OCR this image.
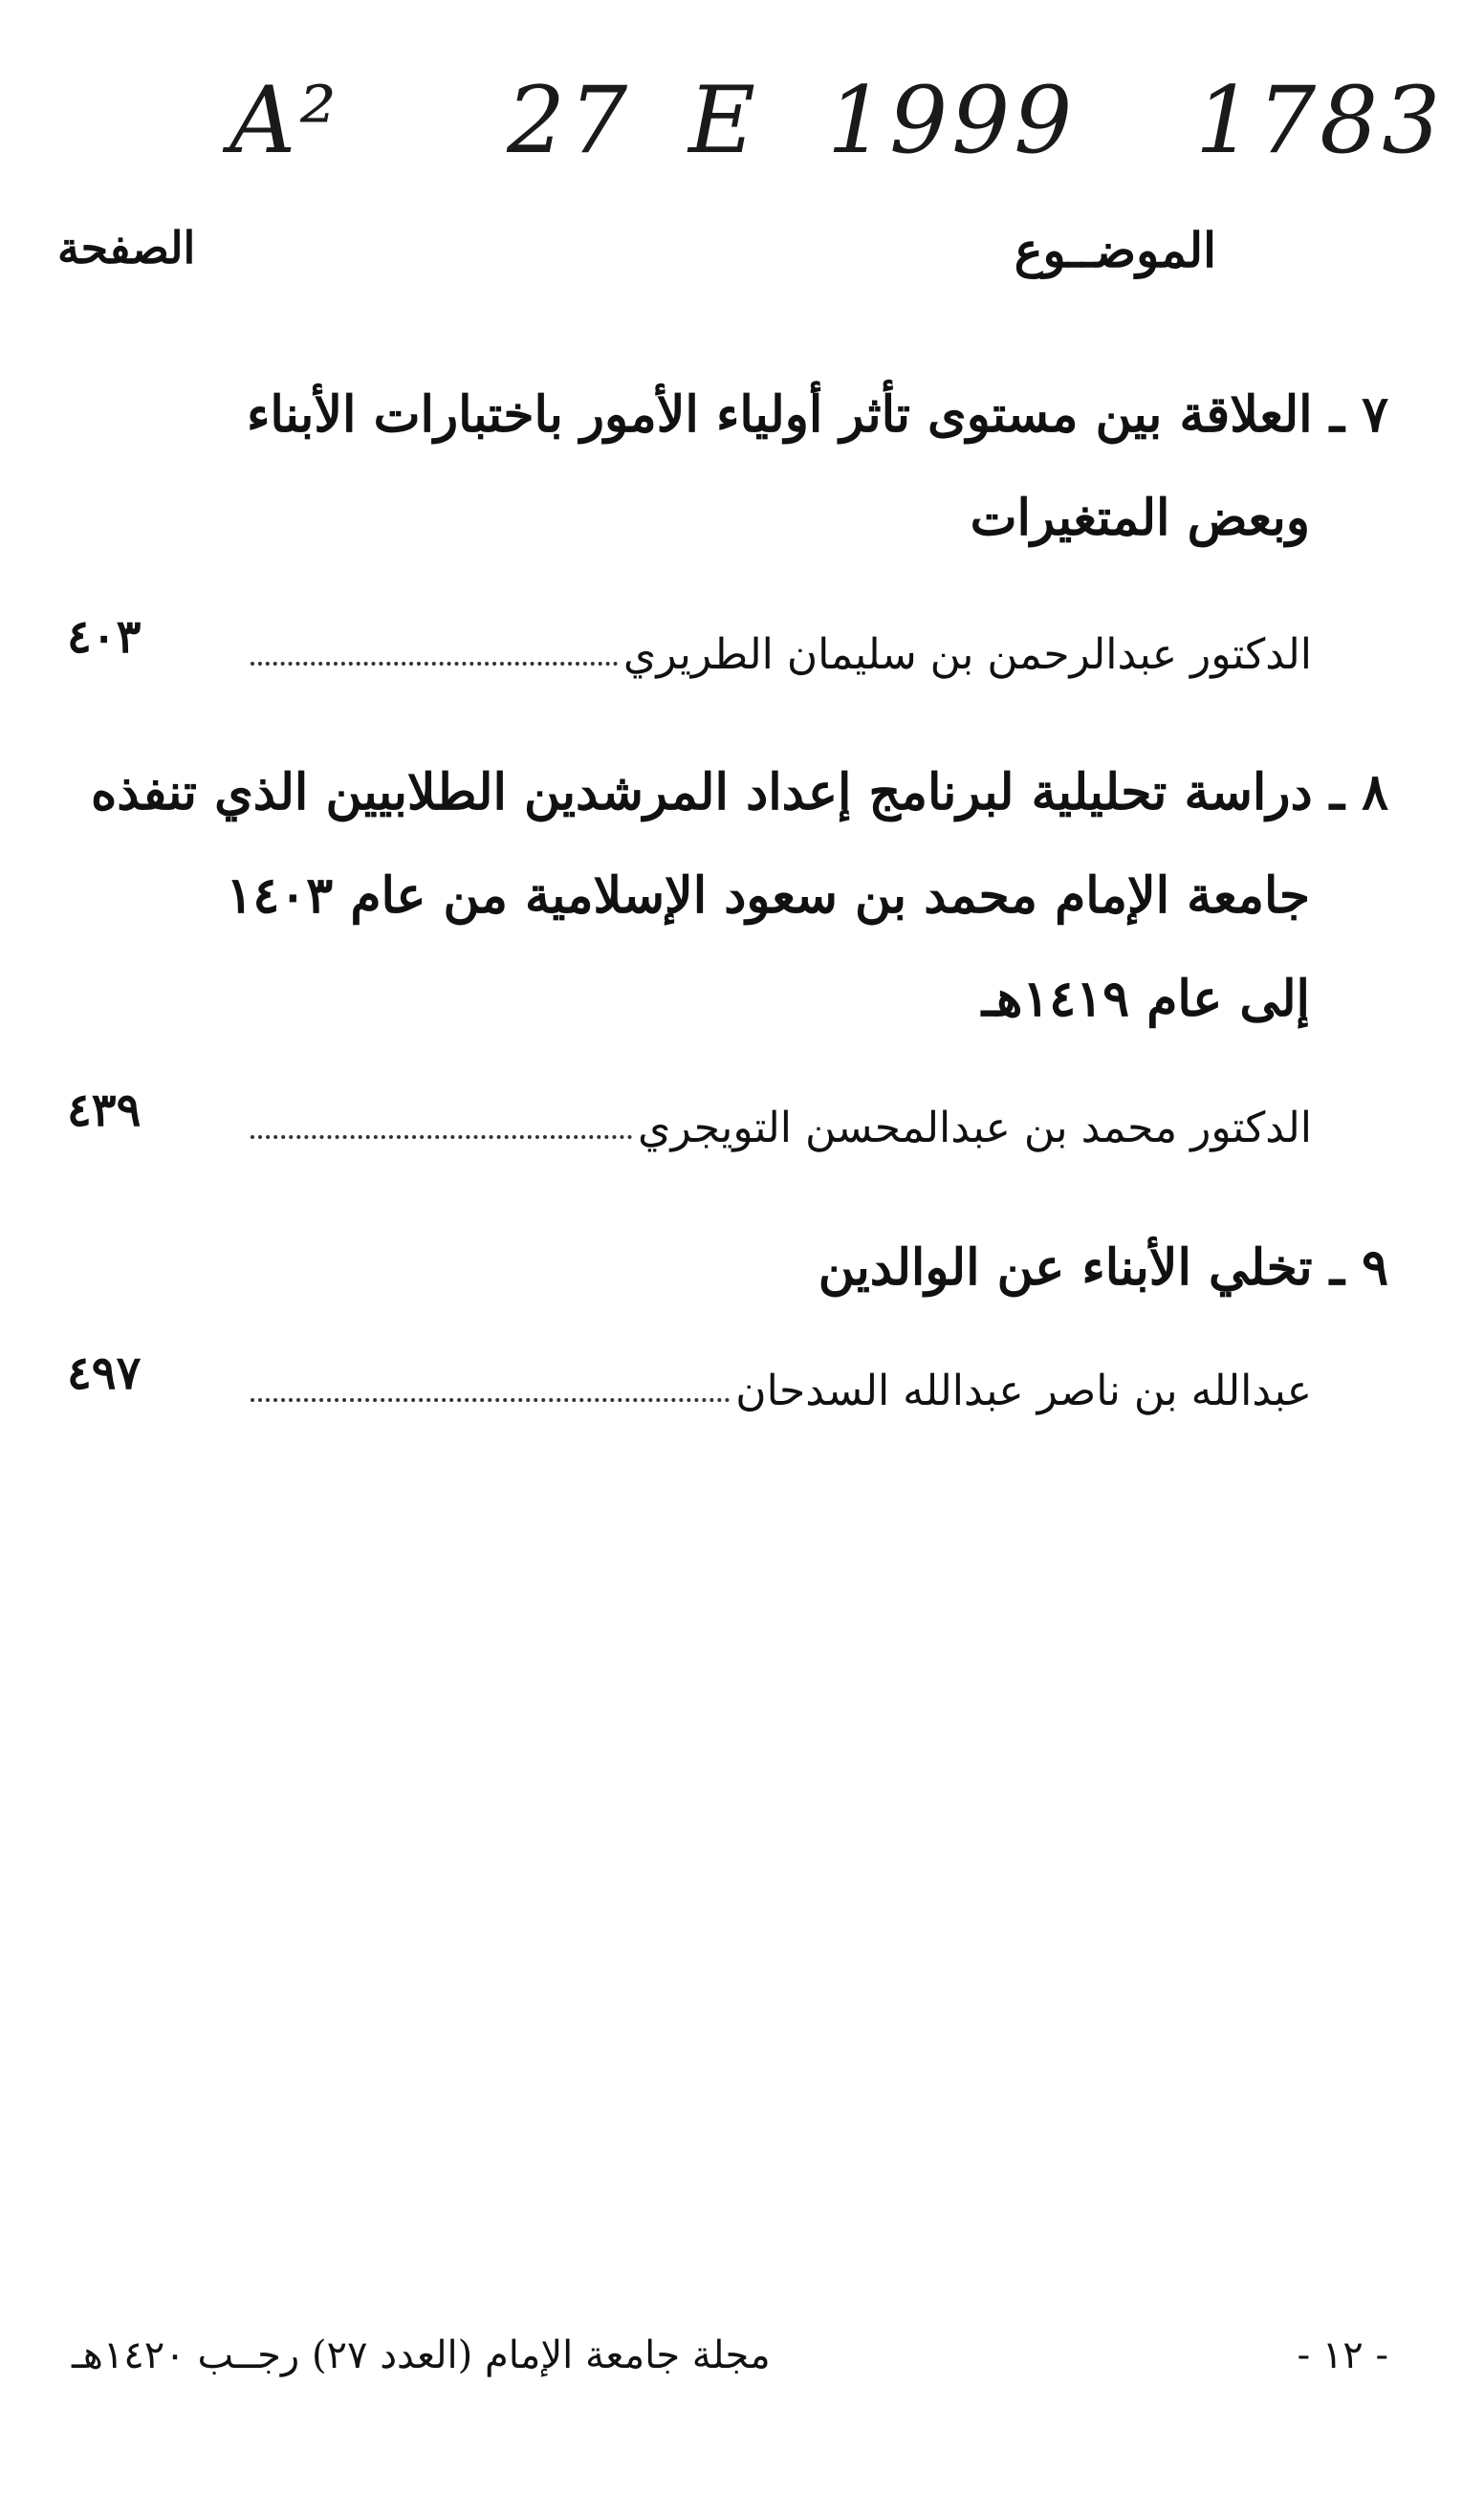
A² 27 E 1999 1783
الصفحة	الموضــوع
٧ ـ العلاقة بين مستوى تأثر أولياء الأمور باختبارات الأبناء
وبعض المتغيرات
الدكتور عبدالرحمن بن سليمان الطريري
٤٠٣
٨ ـ دراسة تحليلية لبرنامج إعداد المرشدين الطلابيين الذي تنفذه
جامعة الإمام محمد بن سعود الإسلامية من عام ١٤٠٣
إلى عام ١٤١٩هـ
الدكتور محمد بن عبدالمحسن التويجري
٤٣٩
٩ ـ تخلي الأبناء عن الوالدين
عبدالله بن ناصر عبدالله السدحان
٤٩٧
مجلة جامعة الإمام (العدد ٢٧) رجــب ١٤٢٠هـ	- ١٢ -
